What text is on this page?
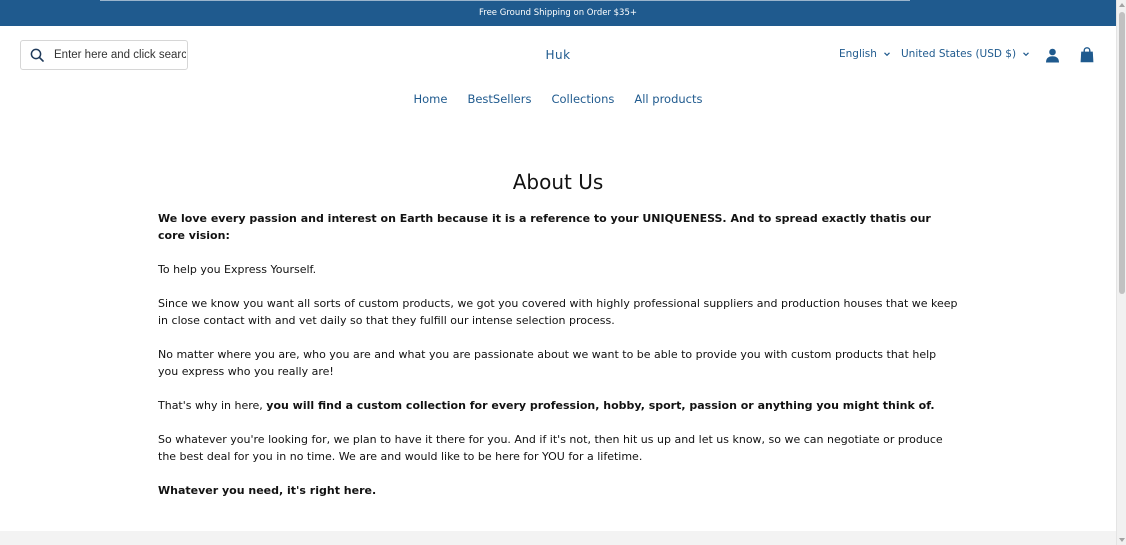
Free Ground Shipping on Order $35+
Enter here and click search
Huk	English United States (USD $)
Home BestSellers Collections All products
About Us

We love every passion and interest on Earth because it is a reference to your UNIQUENESS. And to spread exactly thatis our core vision:

To help you Express Yourself.

Since we know you want all sorts of custom products, we got you covered with highly professional suppliers and production houses that we keep in close contact with and vet daily so that they fulfill our intense selection process.

No matter where you are, who you are and what you are passionate about we want to be able to provide you with custom products that help you express who you really are!

That's why in here, you will find a custom collection for every profession, hobby, sport, passion or anything you might think of.

So whatever you're looking for, we plan to have it there for you. And if it's not, then hit us up and let us know, so we can negotiate or produce the best deal for you in no time. We are and would like to be here for YOU for a lifetime.

Whatever you need, it's right here.
